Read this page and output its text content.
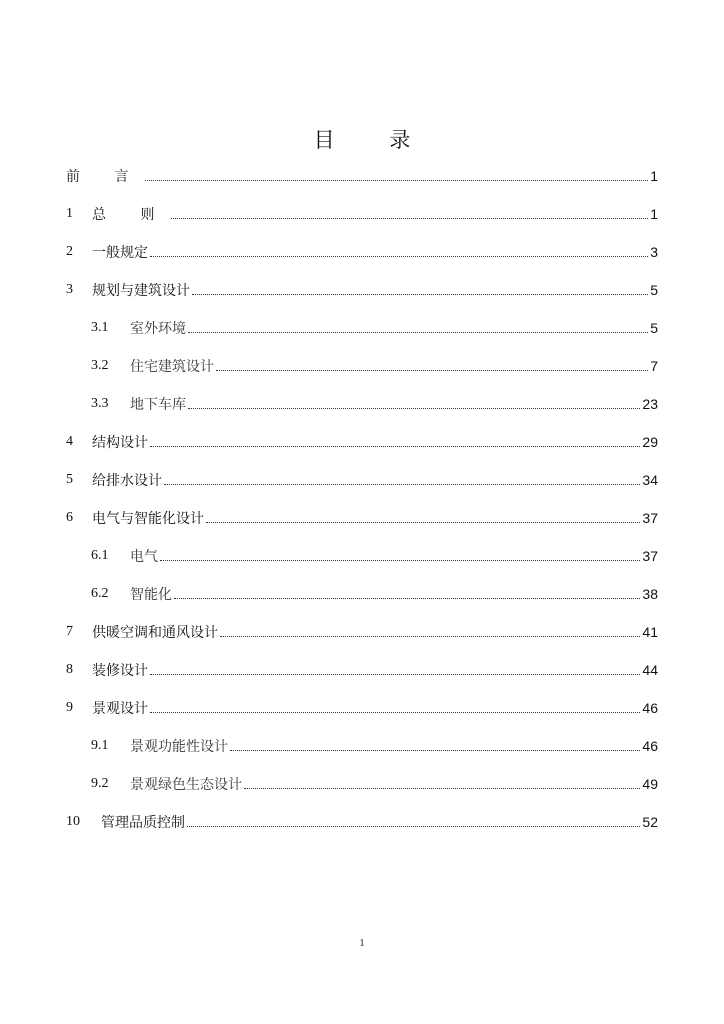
目 录
前 言	1
1	总 则	1
2	一般规定	3
3	规划与建筑设计	5
3.1	室外环境	5
3.2	住宅建筑设计	7
3.3	地下车库	23
4	结构设计	29
5	给排水设计	34
6	电气与智能化设计	37
6.1	电气	37
6.2	智能化	38
7	供暖空调和通风设计	41
8	装修设计	44
9	景观设计	46
9.1	景观功能性设计	46
9.2	景观绿色生态设计	49
10	管理品质控制	52
1
